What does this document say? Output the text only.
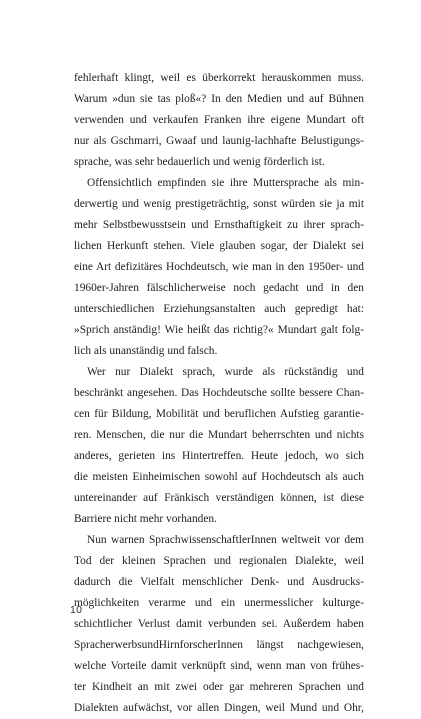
fehlerhaft klingt, weil es überkorrekt herauskommen muss.
Warum »dun sie tas ploß«? In den Medien und auf Bühnen
verwenden und verkaufen Franken ihre eigene Mundart oft
nur als Gschmarri, Gwaaf und launig-lachhafte Belustigungs-
sprache, was sehr bedauerlich und wenig förderlich ist.
Offensichtlich empfinden sie ihre Muttersprache als min-
derwertig und wenig prestigeträchtig, sonst würden sie ja mit
mehr Selbstbewusstsein und Ernsthaftigkeit zu ihrer sprach-
lichen Herkunft stehen. Viele glauben sogar, der Dialekt sei
eine Art defizitäres Hochdeutsch, wie man in den 1950er- und
1960er-Jahren fälschlicherweise noch gedacht und in den
unterschiedlichen Erziehungsanstalten auch gepredigt hat:
»Sprich anständig! Wie heißt das richtig?« Mundart galt folg-
lich als unanständig und falsch.
Wer nur Dialekt sprach, wurde als rückständig und
beschränkt angesehen. Das Hochdeutsche sollte bessere Chan-
cen für Bildung, Mobilität und beruflichen Aufstieg garantie-
ren. Menschen, die nur die Mundart beherrschten und nichts
anderes, gerieten ins Hintertreffen. Heute jedoch, wo sich
die meisten Einheimischen sowohl auf Hochdeutsch als auch
untereinander auf Fränkisch verständigen können, ist diese
Barriere nicht mehr vorhanden.
Nun warnen SprachwissenschaftlerInnen weltweit vor dem
Tod der kleinen Sprachen und regionalen Dialekte, weil
dadurch die Vielfalt menschlicher Denk- und Ausdrucks-
möglichkeiten verarme und ein unermesslicher kulturge-
schichtlicher Verlust damit verbunden sei. Außerdem haben
SpracherwerbsundHirnforscherInnen längst nachgewiesen,
welche Vorteile damit verknüpft sind, wenn man von frühes-
ter Kindheit an mit zwei oder gar mehreren Sprachen und
Dialekten aufwächst, vor allen Dingen, weil Mund und Ohr,
10
